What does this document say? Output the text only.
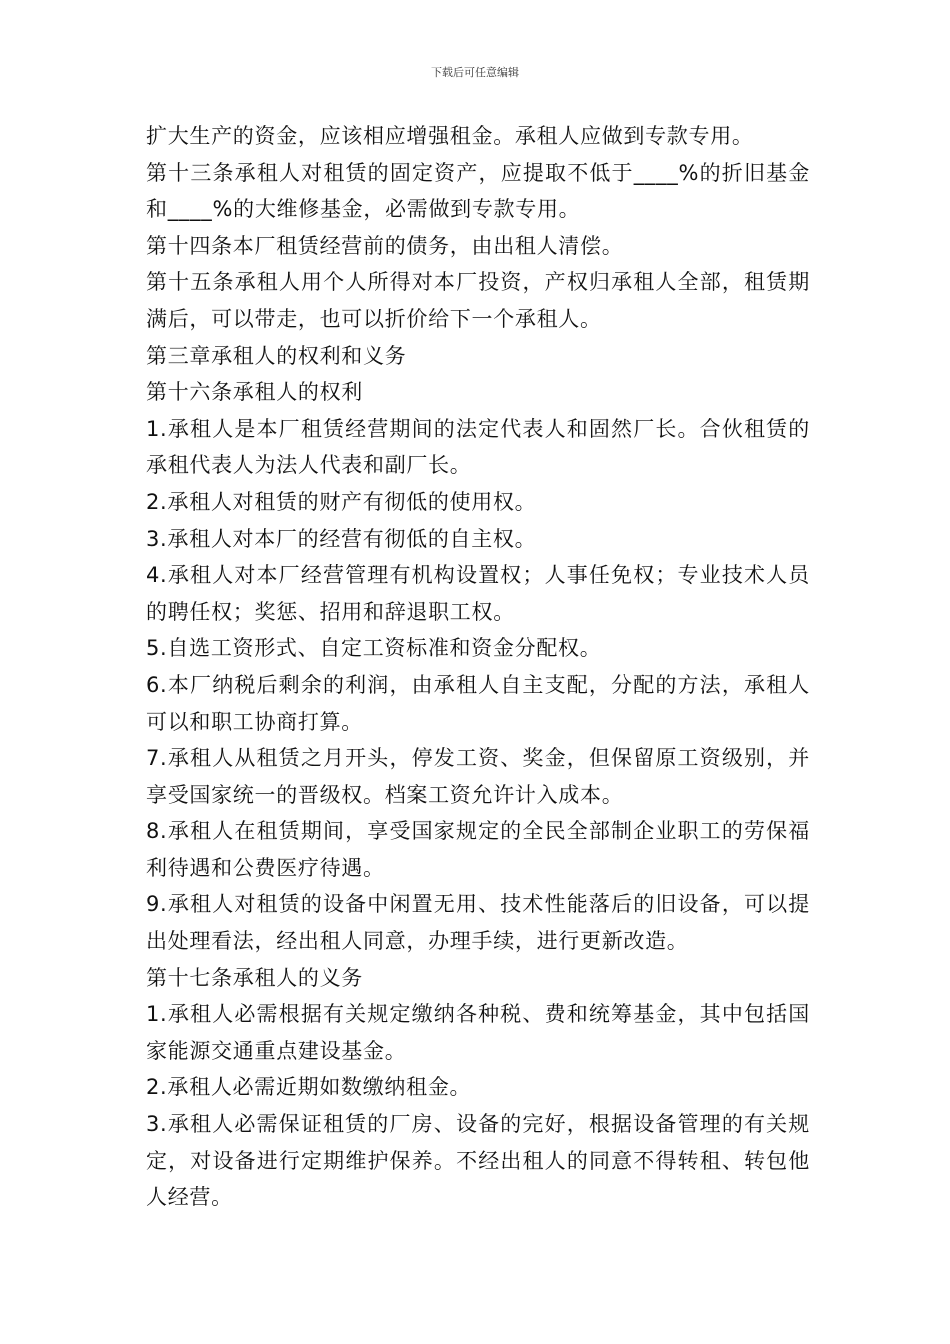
下载后可任意编辑

扩大生产的资金，应该相应增强租金。承租人应做到专款专用。

第十三条承租人对租赁的固定资产，应提取不低于____%的折旧基金和____%的大维修基金，必需做到专款专用。

第十四条本厂租赁经营前的债务，由出租人清偿。

第十五条承租人用个人所得对本厂投资，产权归承租人全部，租赁期满后，可以带走，也可以折价给下一个承租人。

第三章承租人的权利和义务

第十六条承租人的权利

1.承租人是本厂租赁经营期间的法定代表人和固然厂长。合伙租赁的承租代表人为法人代表和副厂长。

2.承租人对租赁的财产有彻低的使用权。

3.承租人对本厂的经营有彻低的自主权。

4.承租人对本厂经营管理有机构设置权；人事任免权；专业技术人员的聘任权；奖惩、招用和辞退职工权。

5.自选工资形式、自定工资标准和资金分配权。

6.本厂纳税后剩余的利润，由承租人自主支配，分配的方法，承租人可以和职工协商打算。

7.承租人从租赁之月开头，停发工资、奖金，但保留原工资级别，并享受国家统一的晋级权。档案工资允许计入成本。

8.承租人在租赁期间，享受国家规定的全民全部制企业职工的劳保福利待遇和公费医疗待遇。

9.承租人对租赁的设备中闲置无用、技术性能落后的旧设备，可以提出处理看法，经出租人同意，办理手续，进行更新改造。

第十七条承租人的义务

1.承租人必需根据有关规定缴纳各种税、费和统筹基金，其中包括国家能源交通重点建设基金。

2.承租人必需近期如数缴纳租金。

3.承租人必需保证租赁的厂房、设备的完好，根据设备管理的有关规定，对设备进行定期维护保养。不经出租人的同意不得转租、转包他人经营。
